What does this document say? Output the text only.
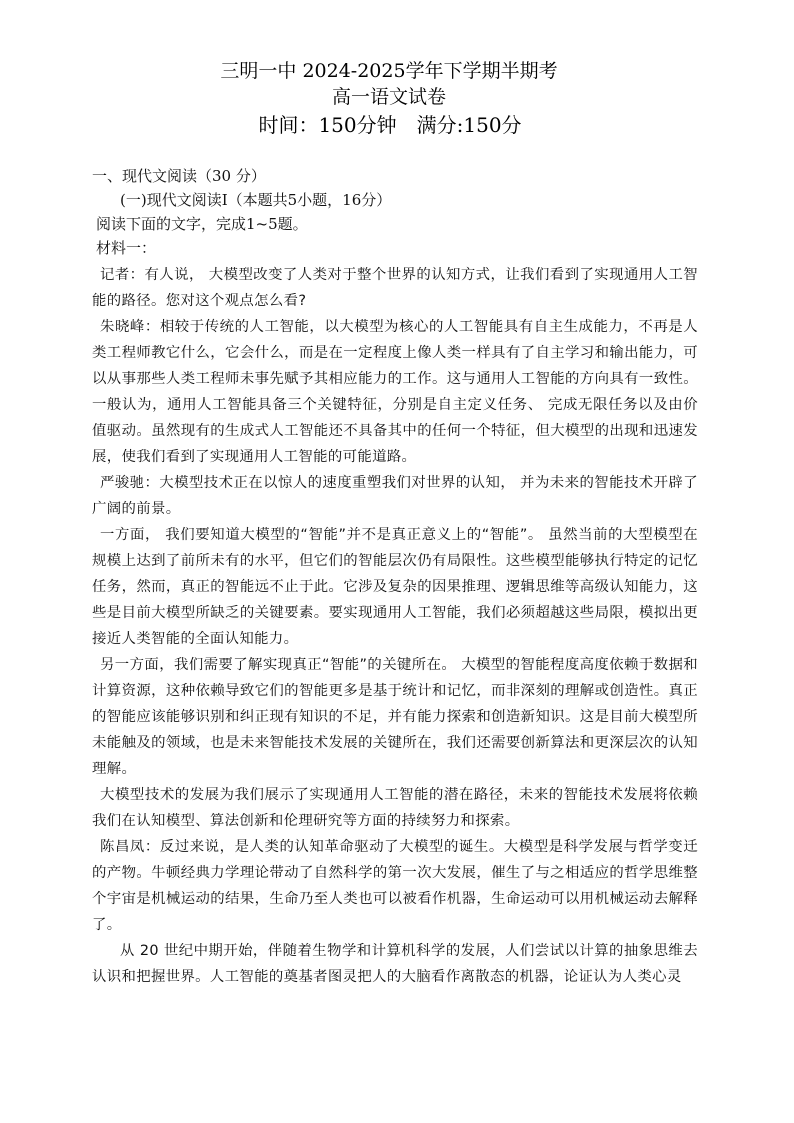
三明一中 2024-2025学年下学期半期考
高一语文试卷
时间：150分钟　满分:150分
一、现代文阅读（30 分）
(一)现代文阅读Ⅰ（本题共5小题，16分）
阅读下面的文字，完成1~5题。
材料一：

记者：有人说， 大模型改变了人类对于整个世界的认知方式，让我们看到了实现通用人工智能的路径。您对这个观点怎么看?

朱晓峰：相较于传统的人工智能，以大模型为核心的人工智能具有自主生成能力，不再是人类工程师教它什么，它会什么，而是在一定程度上像人类一样具有了自主学习和输出能力，可以从事那些人类工程师未事先赋予其相应能力的工作。这与通用人工智能的方向具有一致性。一般认为，通用人工智能具备三个关键特征，分别是自主定义任务、 完成无限任务以及由价值驱动。虽然现有的生成式人工智能还不具备其中的任何一个特征，但大模型的出现和迅速发展，使我们看到了实现通用人工智能的可能道路。

严骏驰：大模型技术正在以惊人的速度重塑我们对世界的认知， 并为未来的智能技术开辟了广阔的前景。

一方面， 我们要知道大模型的“智能”并不是真正意义上的“智能”。 虽然当前的大型模型在规模上达到了前所未有的水平，但它们的智能层次仍有局限性。这些模型能够执行特定的记忆任务，然而，真正的智能远不止于此。它涉及复杂的因果推理、逻辑思维等高级认知能力，这些是目前大模型所缺乏的关键要素。要实现通用人工智能，我们必须超越这些局限，模拟出更接近人类智能的全面认知能力。

另一方面，我们需要了解实现真正“智能”的关键所在。 大模型的智能程度高度依赖于数据和计算资源，这种依赖导致它们的智能更多是基于统计和记忆，而非深刻的理解或创造性。真正的智能应该能够识别和纠正现有知识的不足，并有能力探索和创造新知识。这是目前大模型所未能触及的领域，也是未来智能技术发展的关键所在，我们还需要创新算法和更深层次的认知理解。

大模型技术的发展为我们展示了实现通用人工智能的潜在路径，未来的智能技术发展将依赖我们在认知模型、算法创新和伦理研究等方面的持续努力和探索。

陈昌凤：反过来说，是人类的认知革命驱动了大模型的诞生。大模型是科学发展与哲学变迁的产物。牛顿经典力学理论带动了自然科学的第一次大发展，催生了与之相适应的哲学思维整个宇宙是机械运动的结果，生命乃至人类也可以被看作机器，生命运动可以用机械运动去解释了。

从 20 世纪中期开始，伴随着生物学和计算机科学的发展，人们尝试以计算的抽象思维去认识和把握世界。人工智能的奠基者图灵把人的大脑看作离散态的机器，论证认为人类心灵
